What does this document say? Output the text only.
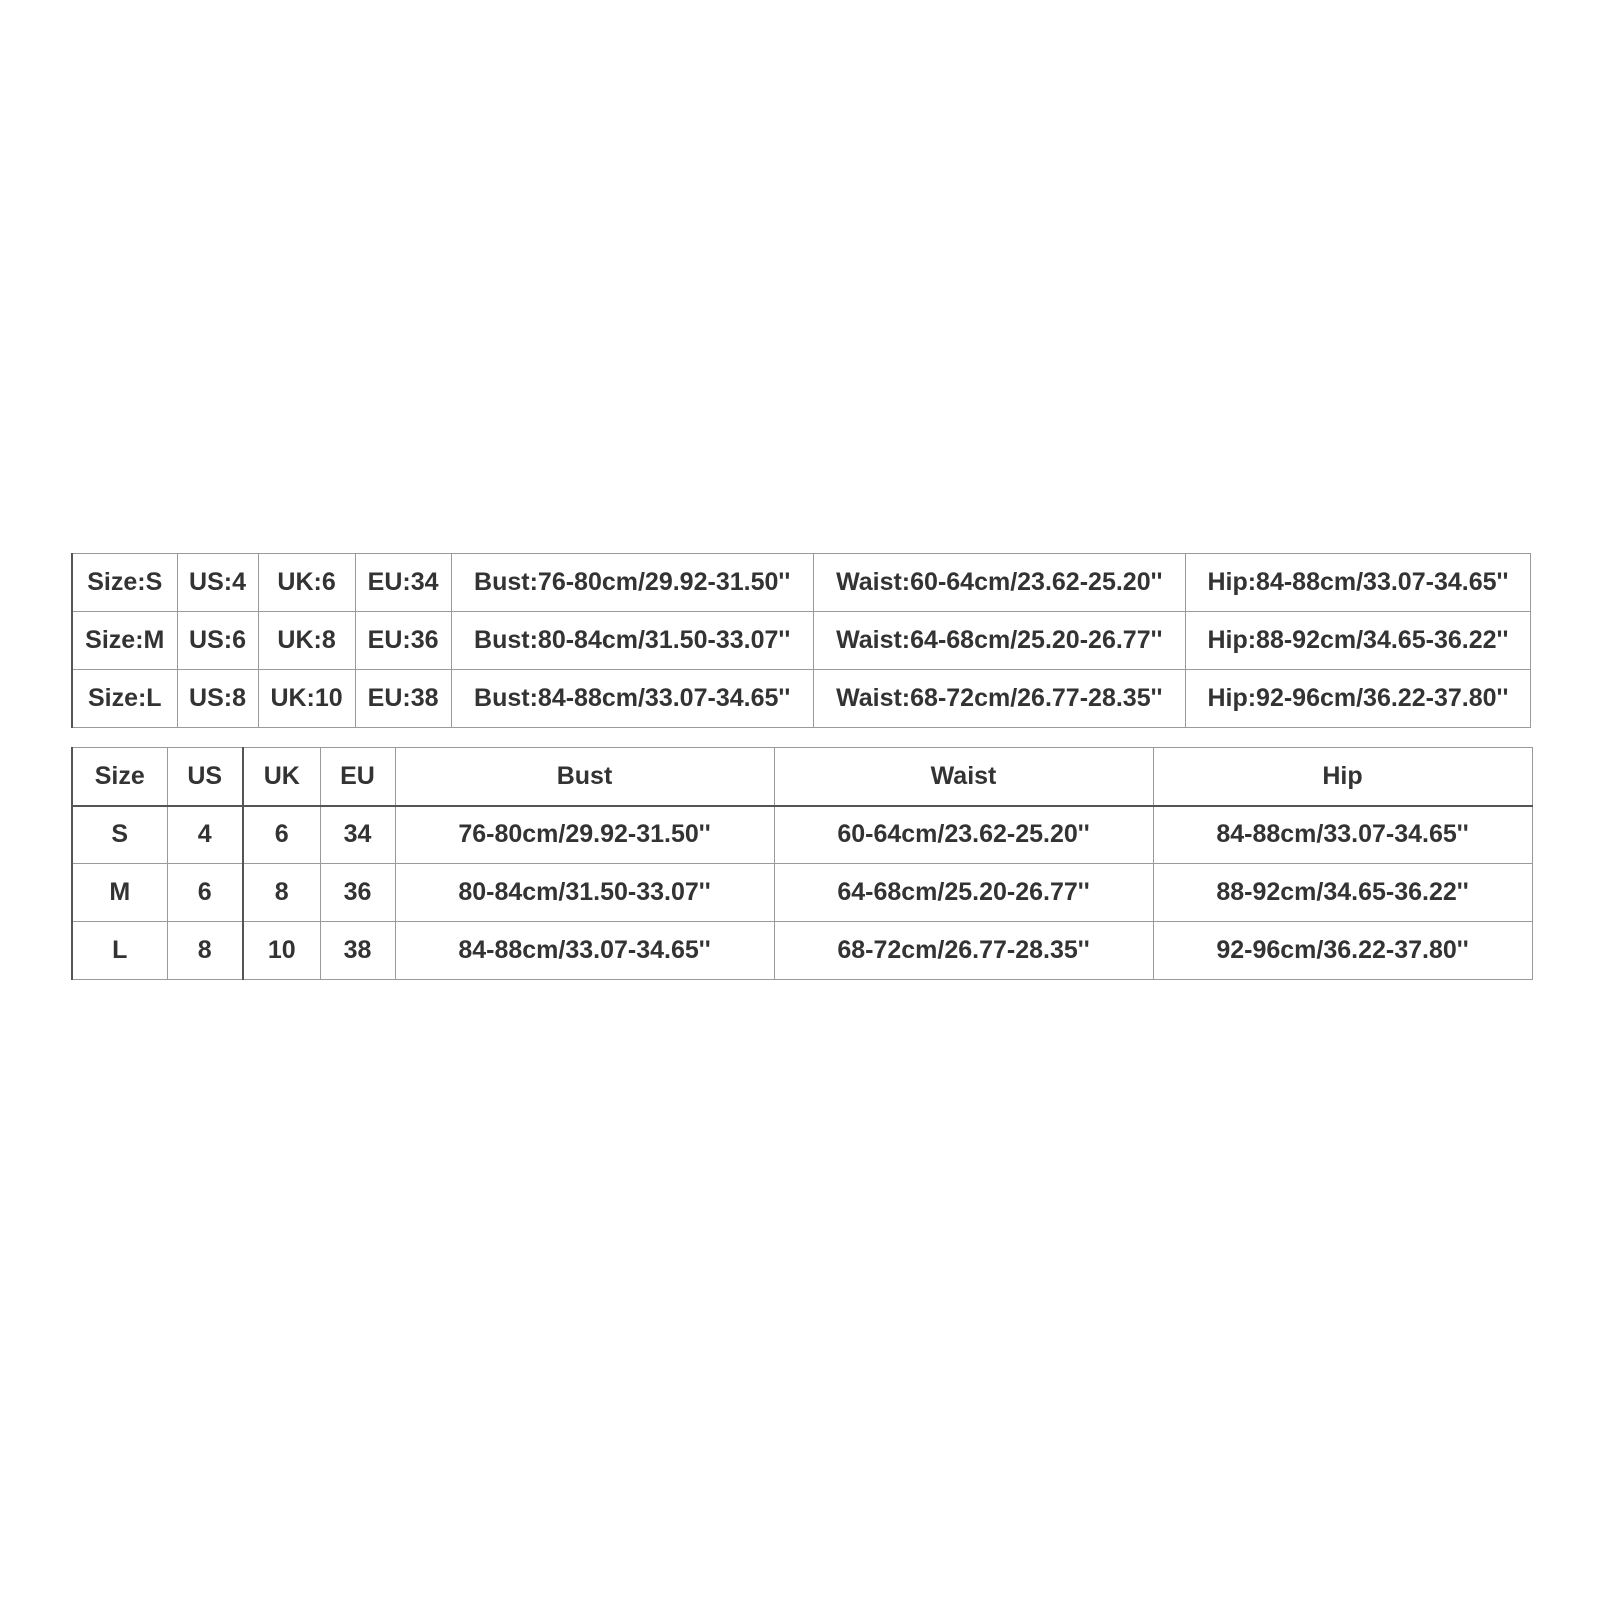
Size:S	US:4	UK:6	EU:34	Bust:76-80cm/29.92-31.50''	Waist:60-64cm/23.62-25.20''	Hip:84-88cm/33.07-34.65''
Size:M	US:6	UK:8	EU:36	Bust:80-84cm/31.50-33.07''	Waist:64-68cm/25.20-26.77''	Hip:88-92cm/34.65-36.22''
Size:L	US:8	UK:10	EU:38	Bust:84-88cm/33.07-34.65''	Waist:68-72cm/26.77-28.35''	Hip:92-96cm/36.22-37.80''
Size	US	UK	EU	Bust	Waist	Hip
S	4	6	34	76-80cm/29.92-31.50''	60-64cm/23.62-25.20''	84-88cm/33.07-34.65''
M	6	8	36	80-84cm/31.50-33.07''	64-68cm/25.20-26.77''	88-92cm/34.65-36.22''
L	8	10	38	84-88cm/33.07-34.65''	68-72cm/26.77-28.35''	92-96cm/36.22-37.80''
